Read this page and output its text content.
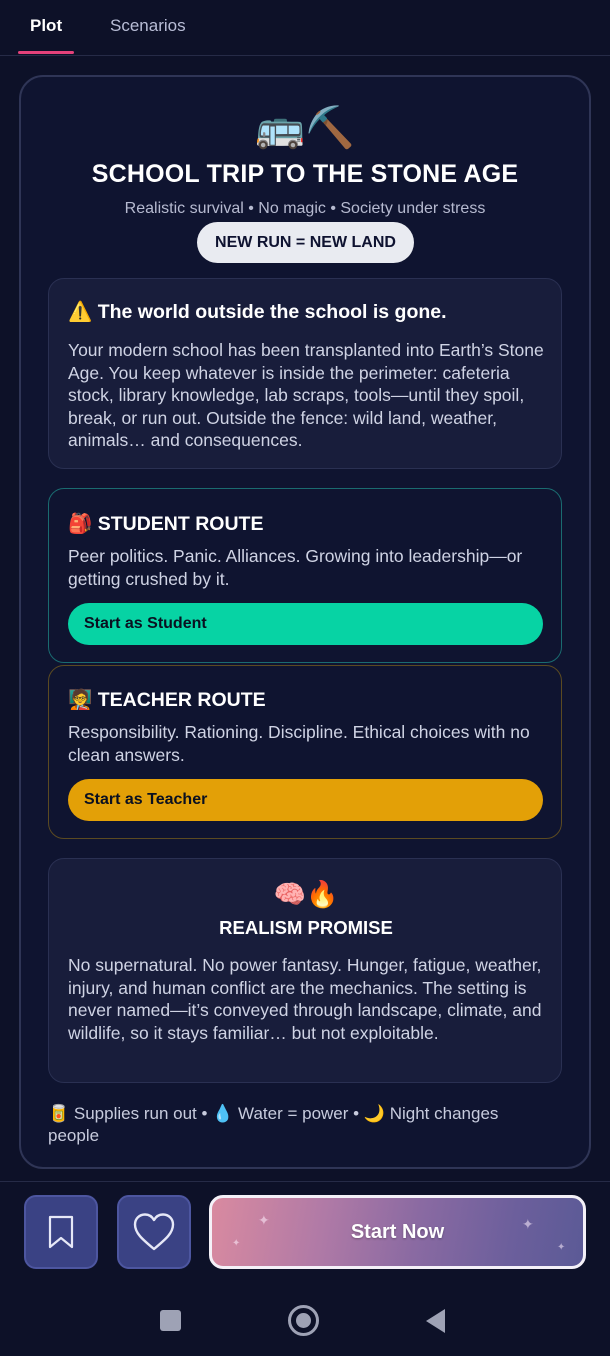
Plot	Scenarios
🚌⛏️
SCHOOL TRIP TO THE STONE AGE
Realistic survival • No magic • Society under stress
NEW RUN = NEW LAND
⚠️ The world outside the school is gone.
Your modern school has been transplanted into Earth’s Stone Age. You keep whatever is inside the perimeter: cafeteria stock, library knowledge, lab scraps, tools—until they spoil, break, or run out. Outside the fence: wild land, weather, animals… and consequences.
🎒 STUDENT ROUTE
Peer politics. Panic. Alliances. Growing into leadership—or getting crushed by it.
Start as Student
🧑‍🏫 TEACHER ROUTE
Responsibility. Rationing. Discipline. Ethical choices with no clean answers.
Start as Teacher
🧠🔥
REALISM PROMISE
No supernatural. No power fantasy. Hunger, fatigue, weather, injury, and human conflict are the mechanics. The setting is never named—it’s conveyed through landscape, climate, and wildlife, so it stays familiar… but not exploitable.
🥫 Supplies run out • 💧 Water = power • 🌙 Night changes people
✦
✦
✦
✦
Start Now
